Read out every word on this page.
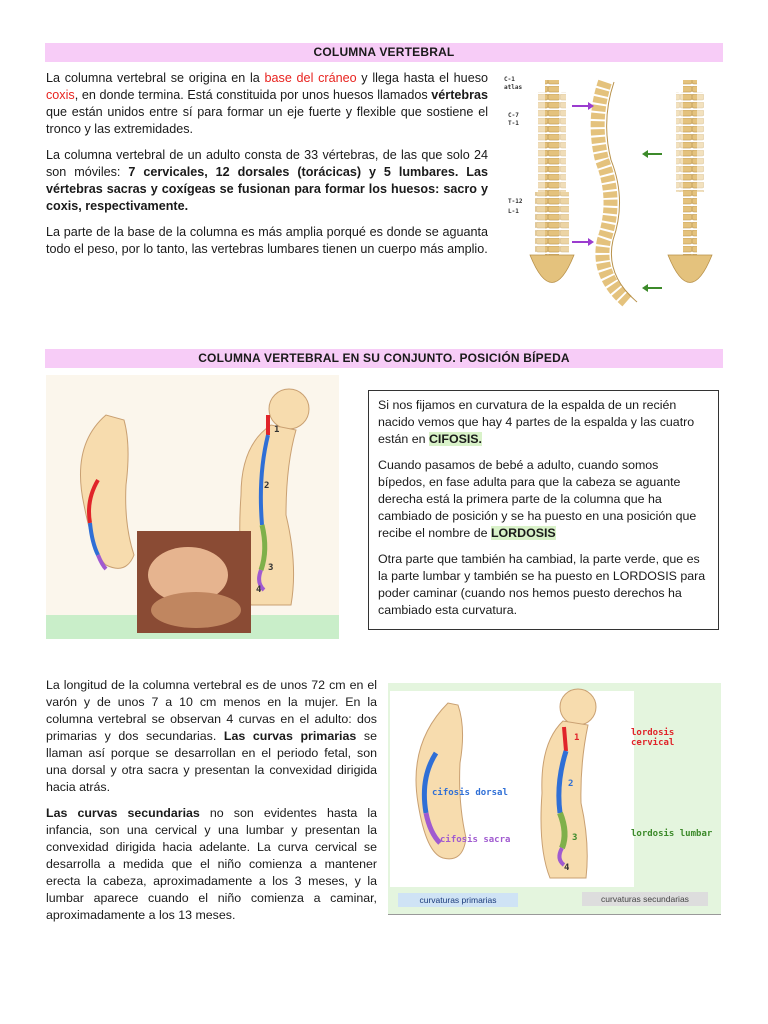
COLUMNA VERTEBRAL

La columna vertebral se origina en la base del cráneo y llega hasta el hueso coxis, en donde termina. Está constituida por unos huesos llamados vértebras que están unidos entre sí para formar un eje fuerte y flexible que sostiene el tronco y las extremidades.

La columna vertebral de un adulto consta de 33 vértebras, de las que solo 24 son móviles: 7 cervicales, 12 dorsales (torácicas) y 5 lumbares. Las vértebras sacras y coxígeas se fusionan para formar los huesos: sacro y coxis, respectivamente.

La parte de la base de la columna es más amplia porqué es donde se aguanta todo el peso, por lo tanto, las vertebras lumbares tienen un cuerpo más amplio.

C-1
atlas
C-7
T-1
T-12
L-1
COLUMNA VERTEBRAL EN SU CONJUNTO. POSICIÓN BÍPEDA
1
2
3
4

Si nos fijamos en curvatura de la espalda de un recién nacido vemos que hay 4 partes de la espalda y las cuatro están en CIFOSIS.

Cuando pasamos de bebé a adulto, cuando somos bípedos, en fase adulta para que la cabeza se aguante derecha está la primera parte de la columna que ha cambiado de posición y se ha puesto en una posición que recibe el nombre de LORDOSIS

Otra parte que también ha cambiad, la parte verde, que es la parte lumbar y también se ha puesto en LORDOSIS para poder caminar (cuando nos hemos puesto derechos ha cambiado esta curvatura.

La longitud de la columna vertebral es de unos 72 cm en el varón y de unos 7 a 10 cm menos en la mujer. En la columna vertebral se observan 4 curvas en el adulto: dos primarias y dos secundarias. Las curvas primarias se llaman así porque se desarrollan en el periodo fetal, son una dorsal y otra sacra y presentan la convexidad dirigida hacia atrás.

Las curvas secundarias no son evidentes hasta la infancia, son una cervical y una lumbar y presentan la convexidad dirigida hacia adelante. La curva cervical se desarrolla a medida que el niño comienza a mantener erecta la cabeza, aproximadamente a los 3 meses, y la lumbar aparece cuando el niño comienza a caminar, aproximadamente a los 13 meses.

lordosis cervical
cifosis dorsal
lordosis lumbar
cifosis sacra
1
2
3
4
curvaturas primarias	curvaturas secundarias
